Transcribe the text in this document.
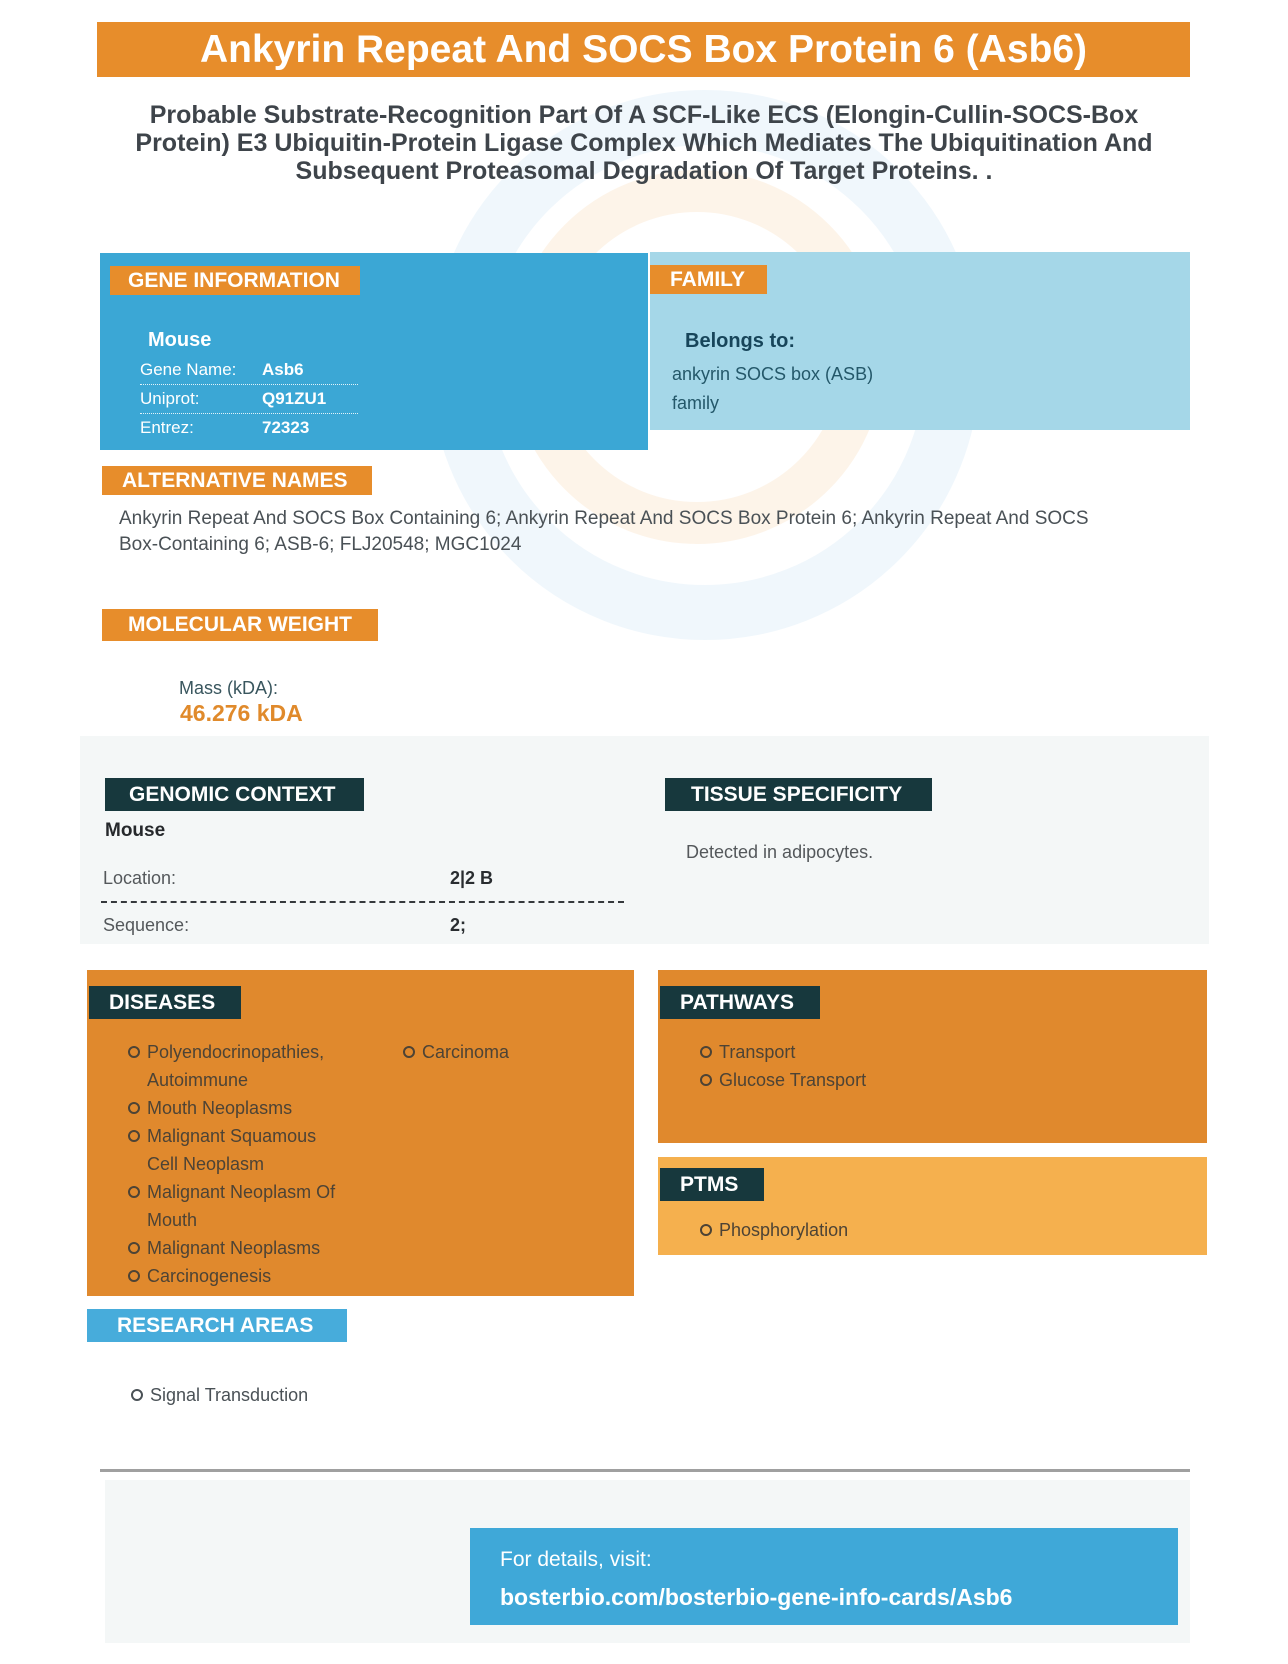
Ankyrin Repeat And SOCS Box Protein 6 (Asb6)
Probable Substrate-Recognition Part Of A SCF-Like ECS (Elongin-Cullin-SOCS-Box Protein) E3 Ubiquitin-Protein Ligase Complex Which Mediates The Ubiquitination And Subsequent Proteasomal Degradation Of Target Proteins. .
GENE INFORMATION
Mouse
Gene Name:	Asb6
Uniprot:	Q91ZU1
Entrez:	72323
FAMILY
Belongs to:
ankyrin SOCS box (ASB)
family
ALTERNATIVE NAMES
Ankyrin Repeat And SOCS Box Containing 6; Ankyrin Repeat And SOCS Box Protein 6; Ankyrin Repeat And SOCS Box-Containing 6; ASB-6; FLJ20548; MGC1024
MOLECULAR WEIGHT
Mass (kDA):
46.276 kDA
GENOMIC CONTEXT	TISSUE SPECIFICITY
Mouse
Location:	2|2 B
Sequence:	2;
Detected in adipocytes.
DISEASES
Polyendocrinopathies, Autoimmune
Mouth Neoplasms
Malignant Squamous Cell Neoplasm
Malignant Neoplasm Of Mouth
Malignant Neoplasms
Carcinogenesis
Carcinoma
PATHWAYS
Transport
Glucose Transport
PTMS
Phosphorylation
RESEARCH AREAS
Signal Transduction
For details, visit:
bosterbio.com/bosterbio-gene-info-cards/Asb6
